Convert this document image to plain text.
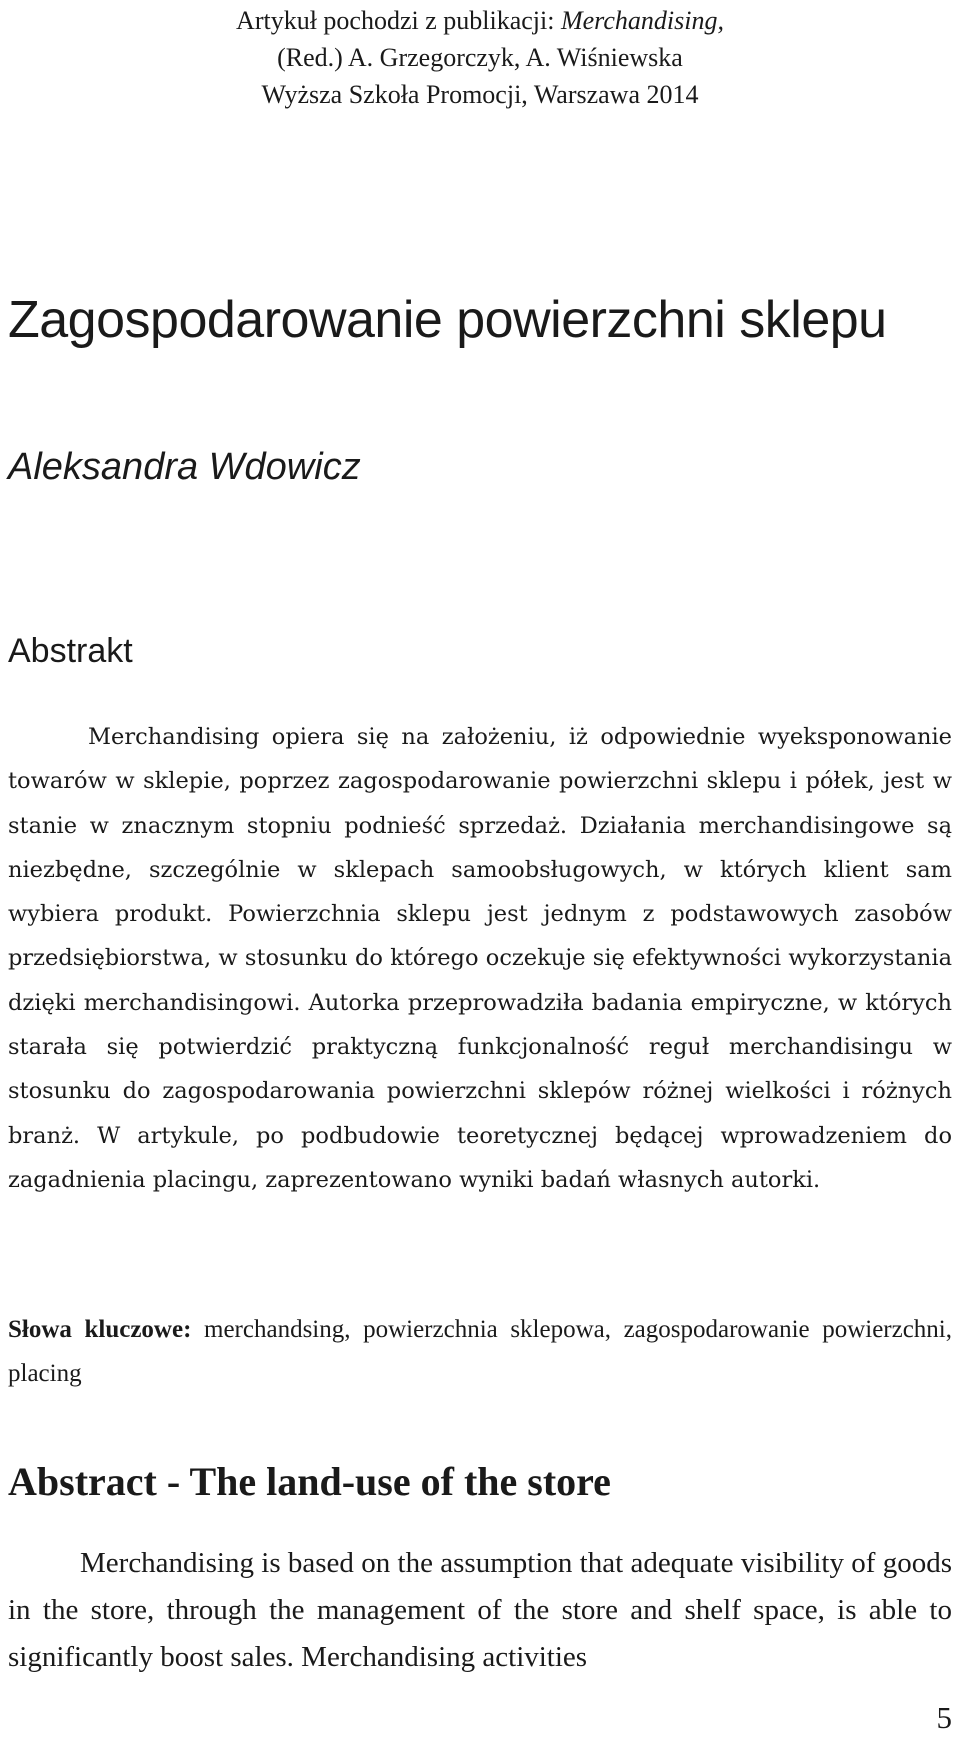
Artykuł pochodzi z publikacji: Merchandising,
(Red.) A. Grzegorczyk, A. Wiśniewska
Wyższa Szkoła Promocji, Warszawa 2014
Zagospodarowanie powierzchni sklepu
Aleksandra Wdowicz
Abstrakt

Merchandising opiera się na założeniu, iż odpowiednie wyeksponowanie towarów w sklepie, poprzez zagospodarowanie powierzchni sklepu i półek, jest w stanie w znacznym stopniu podnieść sprzedaż. Działania merchandisingowe są niezbędne, szczególnie w sklepach samoobsługowych, w których klient sam wybiera produkt. Powierzchnia sklepu jest jednym z podstawowych zasobów przedsiębiorstwa, w stosunku do którego oczekuje się efektywności wykorzystania dzięki merchandisingowi. Autorka przeprowadziła badania empiryczne, w których starała się potwierdzić praktyczną funkcjonalność reguł merchandisingu w stosunku do zagospodarowania powierzchni sklepów różnej wielkości i różnych branż. W artykule, po podbudowie teoretycznej będącej wprowadzeniem do zagadnienia placingu, zaprezentowano wyniki badań własnych autorki.

Słowa kluczowe: merchandsing, powierzchnia sklepowa, zagospodarowanie powierzchni, placing

Abstract - The land-use of the store

Merchandising is based on the assumption that adequate visibility of goods in the store, through the management of the store and shelf space, is able to significantly boost sales. Merchandising activities

5
